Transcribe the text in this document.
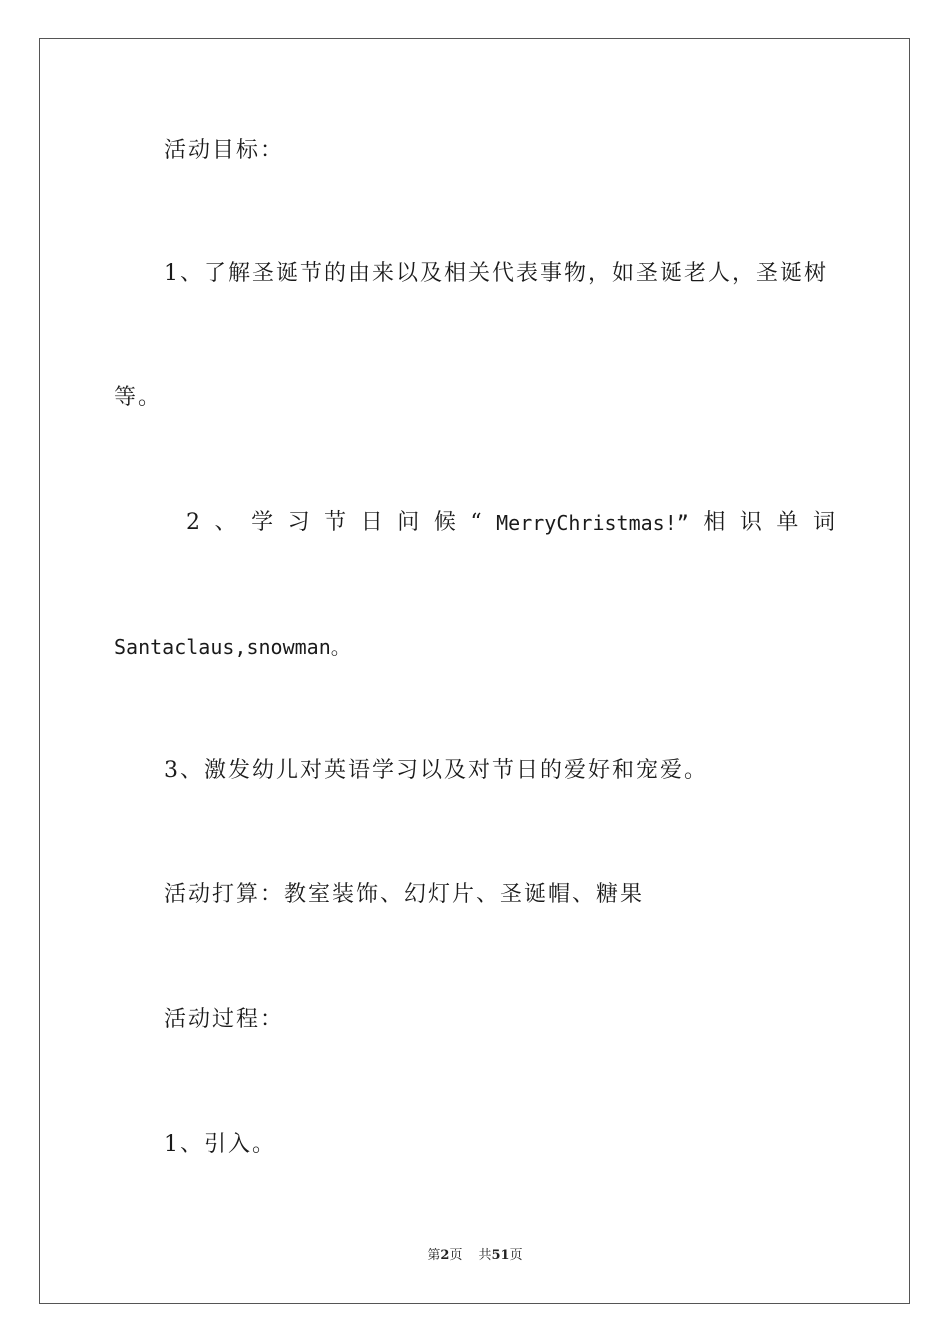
活动目标：
1、了解圣诞节的由来以及相关代表事物，如圣诞老人，圣诞树
等。
2 、 学 习 节 日 问 候 “ MerryChristmas!” 相 识 单 词
Santaclaus,snowman。
3、激发幼儿对英语学习以及对节日的爱好和宠爱。
活动打算：教室装饰、幻灯片、圣诞帽、糖果
活动过程：
1、引入。
第2页 共51页
